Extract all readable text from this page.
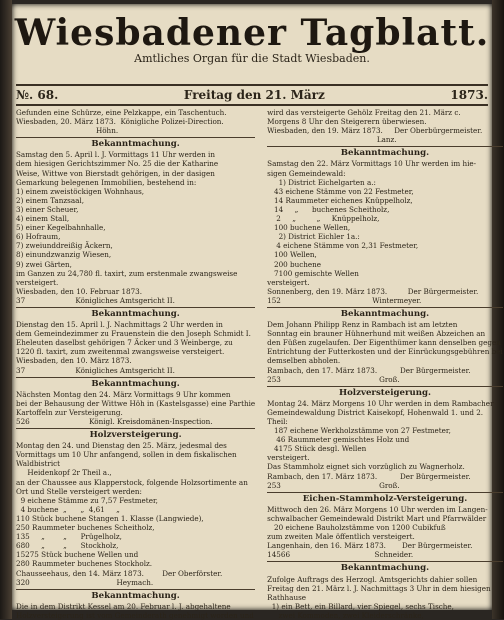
Wiesbadener Tagblatt.
Amtliches Organ für die Stadt Wiesbaden.
№. 68.	Freitag den 21. März	1873.

Gefunden eine Schürze, eine Pelzkappe, ein Taschentuch.

Wiesbaden, 20. März 1873.  Königliche Polizei-Direction.

Höhn.

Bekanntmachung.

Samstag den 5. April l. J. Vormittags 11 Uhr werden in

dem hiesigen Gerichtszimmer No. 25 die der Katharine

Weise, Wittwe von Bierstadt gehörigen, in der dasigen

Gemarkung belegenen Immobilien, bestehend in:

1) einem zweistöckigen Wohnhaus,

2) einem Tanzsaal,

3) einer Scheuer,

4) einem Stall,

5) einer Kegelbahnhalle,

6) Hofraum,

7) zweiunddreißig Äckern,

8) einundzwanzig Wiesen,

9) zwei Gärten,

im Ganzen zu 24,780 fl. taxirt, zum erstenmale zwangsweise

versteigert.

Wiesbaden, den 10. Februar 1873.

37                      Königliches Amtsgericht II.

Bekanntmachung.

Dienstag den 15. April l. J. Nachmittags 2 Uhr werden in

dem Gemeindezimmer zu Frauenstein die den Joseph Schmidt I.

Eheleuten daselbst gehörigen 7 Äcker und 3 Weinberge, zu

1220 fl. taxirt, zum zweitenmal zwangsweise versteigert.

Wiesbaden, den 10. März 1873.

37                      Königliches Amtsgericht II.

Bekanntmachung.

Nächsten Montag den 24. März Vormittags 9 Uhr kommen

bei der Behausung der Wittwe Höh in (Kastelsgasse) eine Parthie

Kartoffeln zur Versteigerung.

526                          Königl. Kreisdomänen-Inspection.

Holzversteigerung.

Montag den 24. und Dienstag den 25. März, jedesmal des

Vormittags um 10 Uhr anfangend, sollen in dem fiskalischen

Waldbistrict

Heidenkopf 2r Theil a.,

an der Chaussee aus Klapperstock, folgende Holzsortimente an

Ort und Stelle versteigert werden:

9 eichene Stämme zu 7,57 Festmeter,

4 buchene  „      „  4,61     „

110 Stück buchene Stangen 1. Klasse (Langwiede),

250 Raummeter buchenes Scheitholz,

135     „        „      Prügelholz,

680     „        „      Stockholz,

15275 Stück buchene Wellen und

280 Raummeter buchenes Stockholz.

Chausseehaus, den 14. März 1873.        Der Oberförster.

320                                      Heymach.

Bekanntmachung.

Die in dem Distrikt Kessel am 20. Februar l. J. abgehaltene

Holzversteigerung ist vom Gemeinderath genehmigt worden und

wird das versteigerte Gehölz Freitag den 21. März c.

Morgens 8 Uhr den Steigerern überwiesen.

Wiesbaden, den 19. März 1873.     Der Oberbürgermeister.

Lanz.

Bekanntmachung.

Samstag den 22. März Vormittags 10 Uhr werden im hie-

sigen Gemeindewald:

1) District Eichelgarten a.:

43 eichene Stämme von 22 Festmeter,

14 Raummeter eichenes Knüppelholz,

14     „      buchenes Scheitholz,

2     „         „     Knüppelholz,

100 buchene Wellen,

2) District Eichler 1a.:

4 eichene Stämme von 2,31 Festmeter,

100 Wellen,

200 buchene

7100 gemischte Wellen

versteigert.

Sonnenberg, den 19. März 1873.         Der Bürgermeister.

152                                        Wintermeyer.

Bekanntmachung.

Dem Johann Philipp Renz in Rambach ist am letzten

Sonntag ein brauner Hühnerhund mit weißen Abzeichen an

den Füßen zugelaufen. Der Eigenthümer kann denselben gegen

Entrichtung der Futterkosten und der Einrückungsgebühren bei

demselben abholen.

Rambach, den 17. März 1873.          Der Bürgermeister.

253                                           Groß.

Holzversteigerung.

Montag 24. März Morgens 10 Uhr werden in dem Rambacher

Gemeindewaldung District Kaisekopf, Hohenwald 1. und 2.

Theil:

187 eichene Werkholzstämme von 27 Festmeter,

46 Raummeter gemischtes Holz und

4175 Stück desgl. Wellen

versteigert.

Das Stammholz eignet sich vorzüglich zu Wagnerholz.

Rambach, den 17. März 1873.          Der Bürgermeister.

253                                           Groß.

Eichen-Stammholz-Versteigerung.

Mittwoch den 26. März Morgens 10 Uhr werden im Langen-

schwalbacher Gemeindewald Distrikt Mart und Pfarrwälder

20 eichene Bauholzstämme von 1200 Cubikfuß

zum zweiten Male öffentlich versteigert.

Langenhain, den 16. März 1873.       Der Bürgermeister.

14566                                     Schneider.

Bekanntmachung.

Zufolge Auftrags des Herzogl. Amtsgerichts dahier sollen

Freitag den 21. März l. J. Nachmittags 3 Uhr in dem hiesigen

Rathhause

1) ein Bett, ein Billard, vier Spiegel, sechs Tische,

zwei Kommoden, zwei Kleiderschränke,
